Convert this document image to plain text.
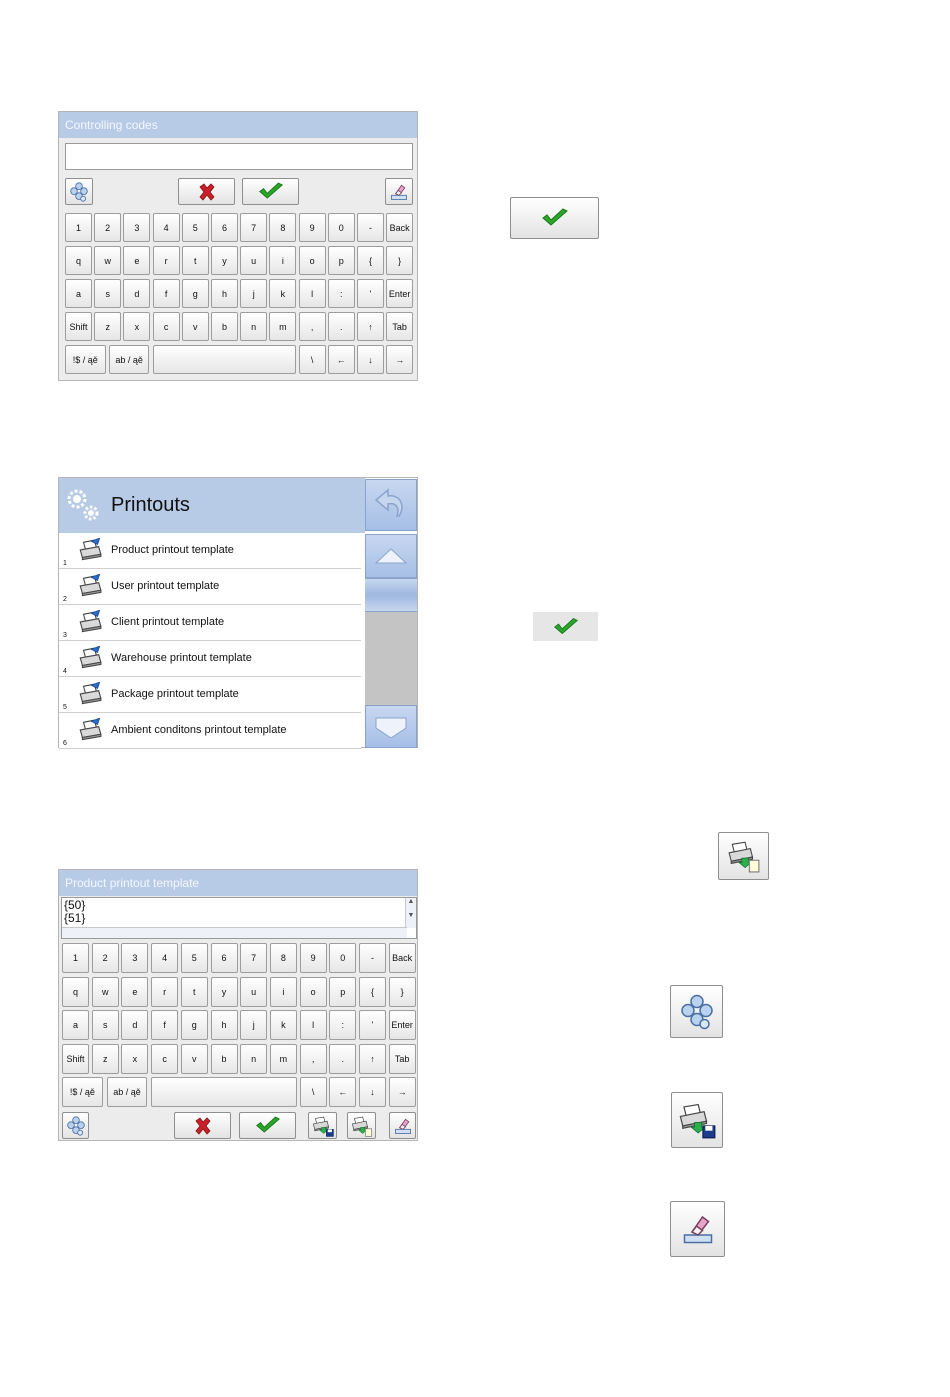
Controlling codes
1	2	3	4	5	6	7	8	9	0	-	Back
q	w	e	r	t	y	u	i	o	p	{	}
a	s	d	f	g	h	j	k	l	:	'	Enter
Shift	z	x	c	v	b	n	m	,	.	↑	Tab
!$ / ąě	ab / ąě	\	←	↓	→
Printouts
1
Product printout template
2
User printout template
3
Client printout template
4
Warehouse printout template
5
Package printout template
6
Ambient conditons printout template
Product printout template
{50}
{51}
▲
▼
1	2	3	4	5	6	7	8	9	0	-	Back
q	w	e	r	t	y	u	i	o	p	{	}
a	s	d	f	g	h	j	k	l	:	'	Enter
Shift	z	x	c	v	b	n	m	,	.	↑	Tab
!$ / ąě	ab / ąě	\	←	↓	→
